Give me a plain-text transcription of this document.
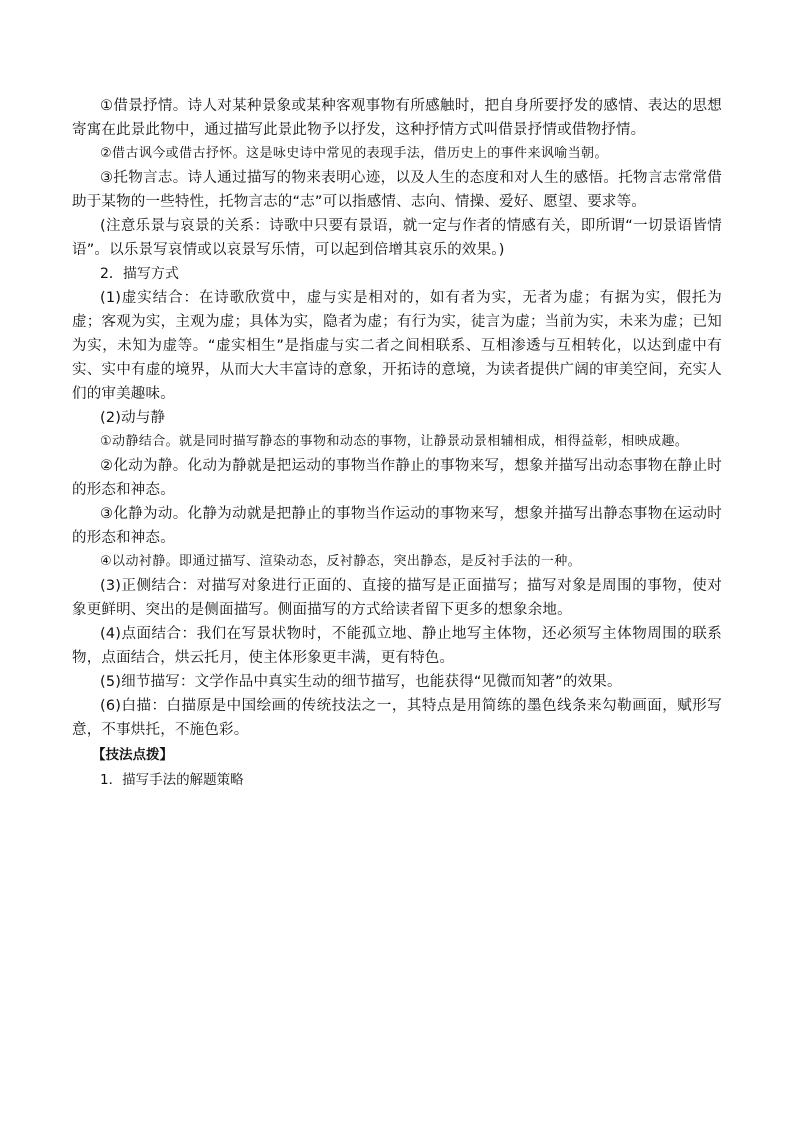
①借景抒情。诗人对某种景象或某种客观事物有所感触时，把自身所要抒发的感情、表达的思想寄寓在此景此物中，通过描写此景此物予以抒发，这种抒情方式叫借景抒情或借物抒情。

②借古讽今或借古抒怀。这是咏史诗中常见的表现手法，借历史上的事件来讽喻当朝。

③托物言志。诗人通过描写的物来表明心迹，以及人生的态度和对人生的感悟。托物言志常常借助于某物的一些特性，托物言志的“志”可以指感情、志向、情操、爱好、愿望、要求等。

(注意乐景与哀景的关系：诗歌中只要有景语，就一定与作者的情感有关，即所谓“一切景语皆情语”。以乐景写哀情或以哀景写乐情，可以起到倍增其哀乐的效果。)

2．描写方式

(1)虚实结合：在诗歌欣赏中，虚与实是相对的，如有者为实，无者为虚；有据为实，假托为虚；客观为实，主观为虚；具体为实，隐者为虚；有行为实，徒言为虚；当前为实，未来为虚；已知为实，未知为虚等。“虚实相生”是指虚与实二者之间相联系、互相渗透与互相转化，以达到虚中有实、实中有虚的境界，从而大大丰富诗的意象，开拓诗的意境，为读者提供广阔的审美空间，充实人们的审美趣味。

(2)动与静

①动静结合。就是同时描写静态的事物和动态的事物，让静景动景相辅相成，相得益彰，相映成趣。

②化动为静。化动为静就是把运动的事物当作静止的事物来写，想象并描写出动态事物在静止时的形态和神态。

③化静为动。化静为动就是把静止的事物当作运动的事物来写，想象并描写出静态事物在运动时的形态和神态。

④以动衬静。即通过描写、渲染动态，反衬静态，突出静态，是反衬手法的一种。

(3)正侧结合：对描写对象进行正面的、直接的描写是正面描写；描写对象是周围的事物，使对象更鲜明、突出的是侧面描写。侧面描写的方式给读者留下更多的想象余地。

(4)点面结合：我们在写景状物时，不能孤立地、静止地写主体物，还必须写主体物周围的联系物，点面结合，烘云托月，使主体形象更丰满，更有特色。

(5)细节描写：文学作品中真实生动的细节描写，也能获得“见微而知著”的效果。

(6)白描：白描原是中国绘画的传统技法之一，其特点是用简练的墨色线条来勾勒画面，赋形写意，不事烘托，不施色彩。

【技法点拨】

1．描写手法的解题策略
